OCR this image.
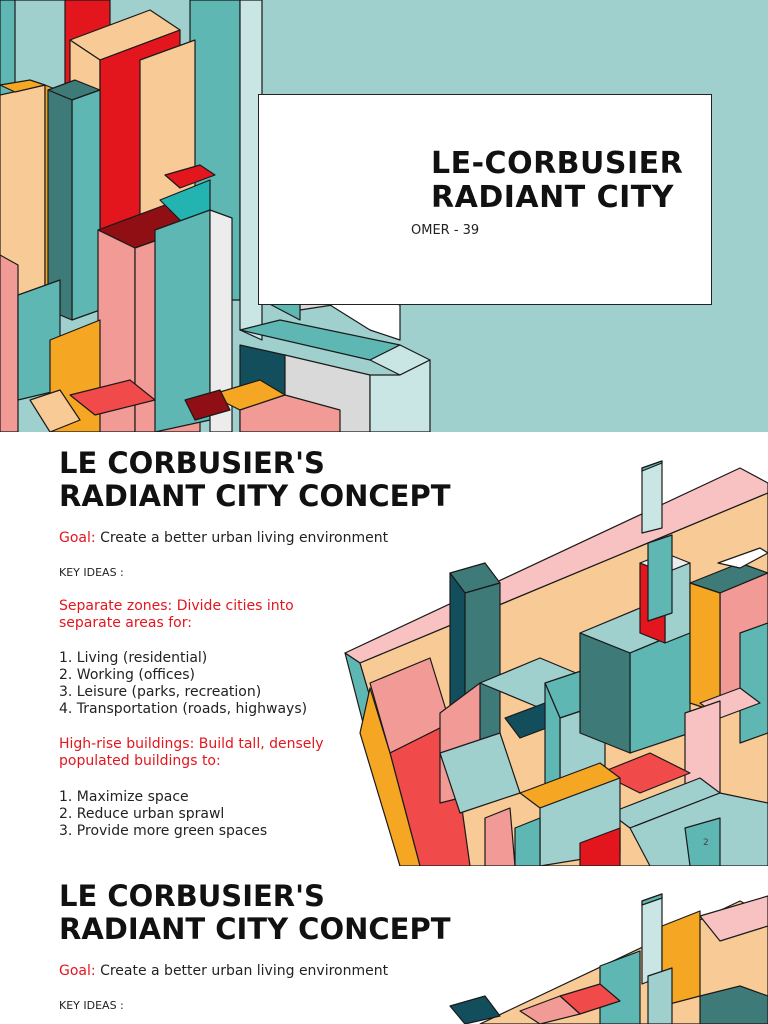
LE-CORBUSIER
RADIANT CITY
OMER - 39
LE CORBUSIER'S
RADIANT CITY CONCEPT
Goal: Create a better urban living environment
KEY IDEAS :
Separate zones: Divide cities into separate areas for:
1. Living (residential)
2. Working (offices)
3. Leisure (parks, recreation)
4. Transportation (roads, highways)
High-rise buildings: Build tall, densely populated buildings to:
1. Maximize space
2. Reduce urban sprawl
3. Provide more green spaces
2
LE CORBUSIER'S
RADIANT CITY CONCEPT
Goal: Create a better urban living environment
KEY IDEAS :
